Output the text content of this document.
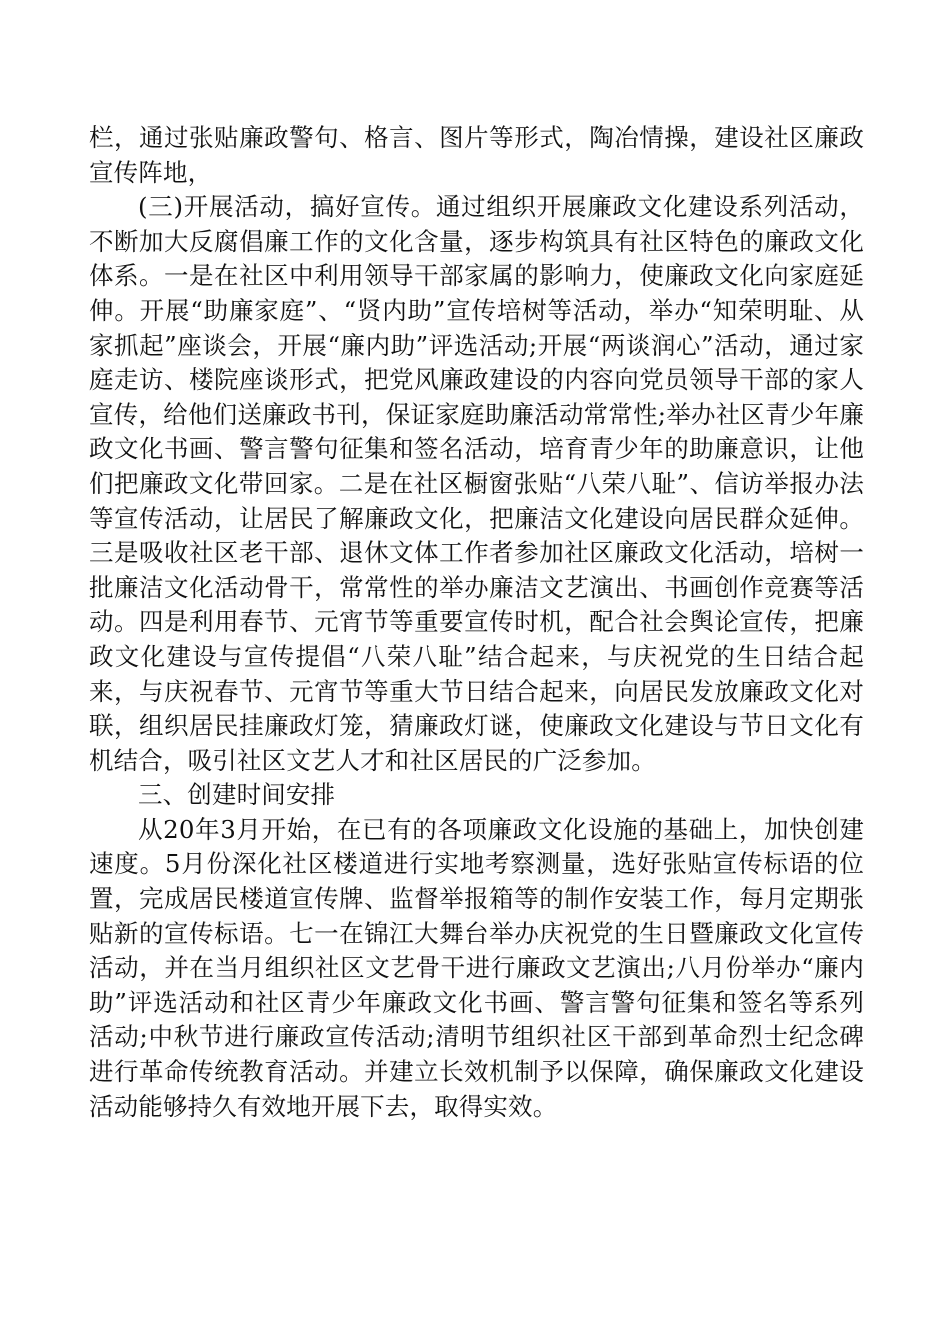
栏，通过张贴廉政警句、格言、图片等形式，陶冶情操，建设社区廉政宣传阵地，

(三)开展活动，搞好宣传。通过组织开展廉政文化建设系列活动，不断加大反腐倡廉工作的文化含量，逐步构筑具有社区特色的廉政文化体系。一是在社区中利用领导干部家属的影响力，使廉政文化向家庭延伸。开展“助廉家庭”、“贤内助”宣传培树等活动，举办“知荣明耻、从家抓起”座谈会，开展“廉内助”评选活动;开展“两谈润心”活动，通过家庭走访、楼院座谈形式，把党风廉政建设的内容向党员领导干部的家人宣传，给他们送廉政书刊，保证家庭助廉活动常常性;举办社区青少年廉政文化书画、警言警句征集和签名活动，培育青少年的助廉意识，让他们把廉政文化带回家。二是在社区橱窗张贴“八荣八耻”、信访举报办法等宣传活动，让居民了解廉政文化，把廉洁文化建设向居民群众延伸。三是吸收社区老干部、退休文体工作者参加社区廉政文化活动，培树一批廉洁文化活动骨干，常常性的举办廉洁文艺演出、书画创作竞赛等活动。四是利用春节、元宵节等重要宣传时机，配合社会舆论宣传，把廉政文化建设与宣传提倡“八荣八耻”结合起来，与庆祝党的生日结合起来，与庆祝春节、元宵节等重大节日结合起来，向居民发放廉政文化对联，组织居民挂廉政灯笼，猜廉政灯谜，使廉政文化建设与节日文化有机结合，吸引社区文艺人才和社区居民的广泛参加。

三、创建时间安排

从20年3月开始，在已有的各项廉政文化设施的基础上，加快创建速度。5月份深化社区楼道进行实地考察测量，选好张贴宣传标语的位置，完成居民楼道宣传牌、监督举报箱等的制作安装工作，每月定期张贴新的宣传标语。七一在锦江大舞台举办庆祝党的生日暨廉政文化宣传活动，并在当月组织社区文艺骨干进行廉政文艺演出;八月份举办“廉内助”评选活动和社区青少年廉政文化书画、警言警句征集和签名等系列活动;中秋节进行廉政宣传活动;清明节组织社区干部到革命烈士纪念碑进行革命传统教育活动。并建立长效机制予以保障，确保廉政文化建设活动能够持久有效地开展下去，取得实效。
